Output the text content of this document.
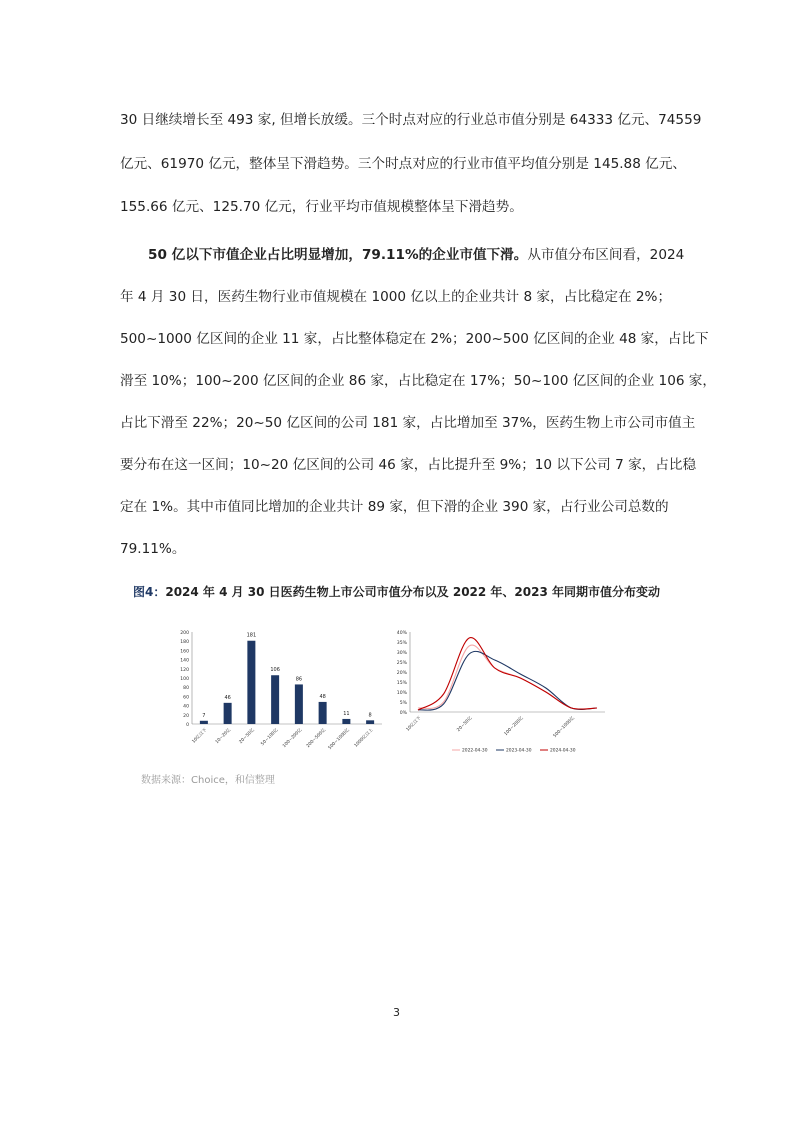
30 日继续增长至 493 家, 但增长放缓。三个时点对应的行业总市值分别是 64333 亿元、74559
亿元、61970 亿元，整体呈下滑趋势。三个时点对应的行业市值平均值分别是 145.88 亿元、
155.66 亿元、125.70 亿元，行业平均市值规模整体呈下滑趋势。
50 亿以下市值企业占比明显增加，79.11%的企业市值下滑。从市值分布区间看，2024
年 4 月 30 日，医药生物行业市值规模在 1000 亿以上的企业共计 8 家，占比稳定在 2%；
500~1000 亿区间的企业 11 家，占比整体稳定在 2%；200~500 亿区间的企业 48 家，占比下
滑至 10%；100~200 亿区间的企业 86 家，占比稳定在 17%；50~100 亿区间的企业 106 家，
占比下滑至 22%；20~50 亿区间的公司 181 家，占比增加至 37%，医药生物上市公司市值主
要分布在这一区间；10~20 亿区间的公司 46 家，占比提升至 9%；10 以下公司 7 家，占比稳
定在 1%。其中市值同比增加的企业共计 89 家，但下滑的企业 390 家，占行业公司总数的
79.11%。
图4：2024 年 4 月 30 日医药生物上市公司市值分布以及 2022 年、2023 年同期市值分布变动
0
20
40
60
80
100
120
140
160
180
200
7
10亿以下
46
10~20亿
181
20~50亿
106
50~100亿
86
100~200亿
48
200~500亿
11
500~1000亿
8
1000亿以上
0%
5%
10%
15%
20%
25%
30%
35%
40%
10亿以下	20~50亿	100~200亿	500~1000亿
2022-04-30	2023-04-30	2024-04-30
数据来源：Choice，和信整理
3
